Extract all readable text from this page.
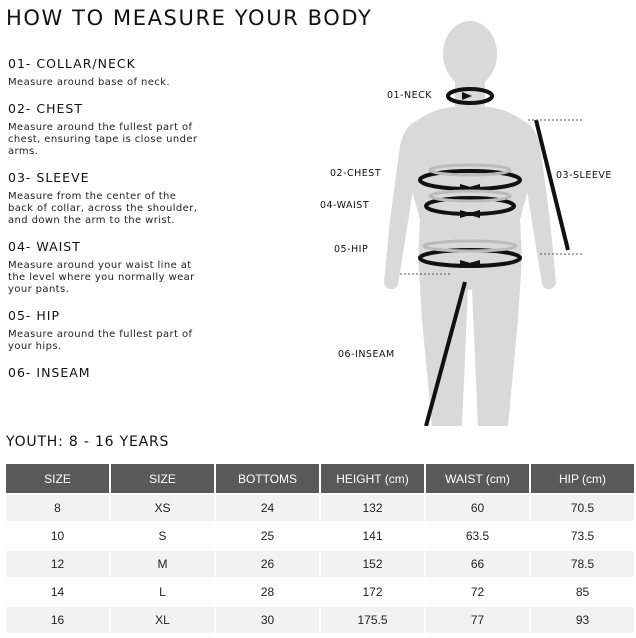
HOW TO MEASURE YOUR BODY
01- COLLAR/NECK
Measure around base of neck.
02- CHEST
Measure around the fullest part of chest, ensuring tape is close under arms.
03- SLEEVE
Measure from the center of the back of collar, across the shoulder, and down the arm to the wrist.
04- WAIST
Measure around your waist line at the level where you normally wear your pants.
05- HIP
Measure around the fullest part of your hips.
06- INSEAM
01-NECK
02-CHEST	03-SLEEVE
04-WAIST
05-HIP
06-INSEAM
YOUTH: 8 - 16 YEARS
SIZE	SIZE	BOTTOMS	HEIGHT (cm)	WAIST (cm)	HIP (cm)
8	XS	24	132	60	70.5
10	S	25	141	63.5	73.5
12	M	26	152	66	78.5
14	L	28	172	72	85
16	XL	30	175.5	77	93
